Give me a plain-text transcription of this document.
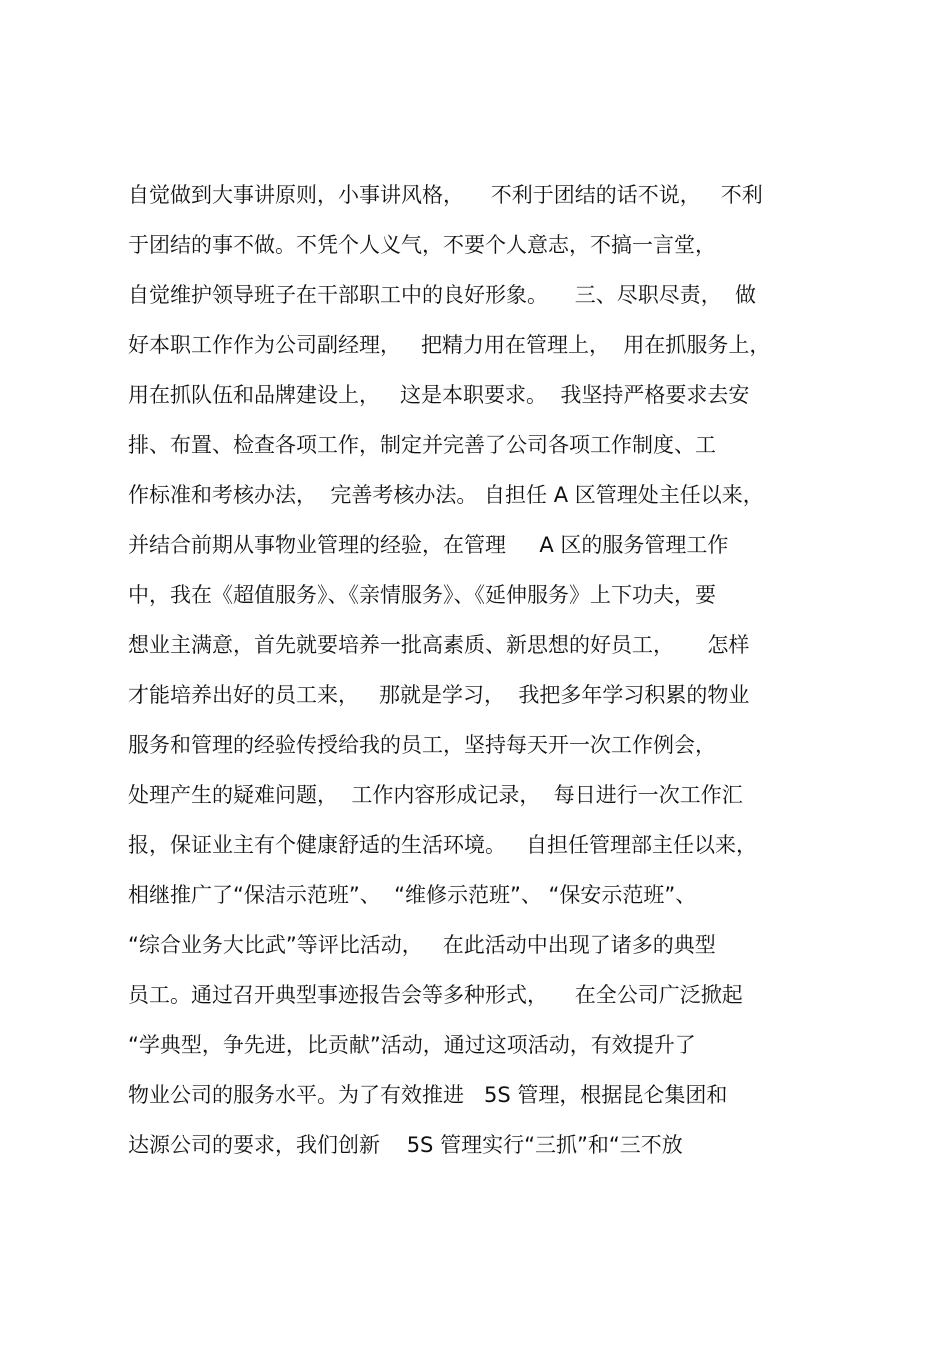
自觉做到大事讲原则，小事讲风格，    不利于团结的话不说，   不利
于团结的事不做。不凭个人义气，不要个人意志，不搞一言堂，
自觉维护领导班子在干部职工中的良好形象。    三、尽职尽责，  做
好本职工作作为公司副经理，   把精力用在管理上，  用在抓服务上，
用在抓队伍和品牌建设上，   这是本职要求。  我坚持严格要求去安
排、布置、检查各项工作，制定并完善了公司各项工作制度、工
作标准和考核办法，  完善考核办法。 自担任 A 区管理处主任以来，
并结合前期从事物业管理的经验，在管理     A 区的服务管理工作
中，我在《超值服务》、《亲情服务》、《延伸服务》上下功夫，要
想业主满意，首先就要培养一批高素质、新思想的好员工，     怎样
才能培养出好的员工来，   那就是学习，  我把多年学习积累的物业
服务和管理的经验传授给我的员工，坚持每天开一次工作例会，
处理产生的疑难问题，  工作内容形成记录，  每日进行一次工作汇
报，保证业主有个健康舒适的生活环境。   自担任管理部主任以来，
相继推广了“保洁示范班”、  “维修示范班”、 “保安示范班”、
“综合业务大比武”等评比活动，   在此活动中出现了诸多的典型
员工。通过召开典型事迹报告会等多种形式，    在全公司广泛掀起
“学典型，争先进，比贡献”活动，通过这项活动，有效提升了
物业公司的服务水平。为了有效推进   5S 管理，根据昆仑集团和
达源公司的要求，我们创新    5S 管理实行“三抓”和“三不放
